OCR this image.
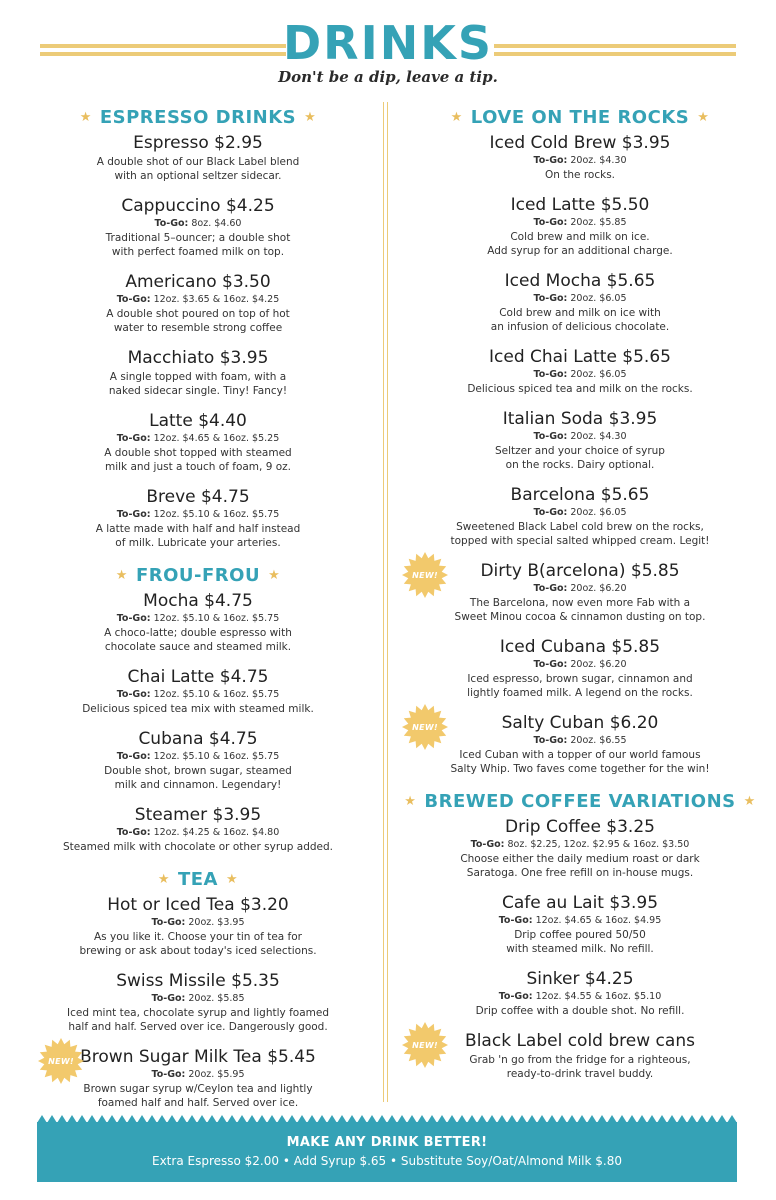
DRINKS
Don't be a dip, leave a tip.
★ ESPRESSO DRINKS ★
Espresso $2.95
A double shot of our Black Label blend
with an optional seltzer sidecar.
Cappuccino $4.25
To-Go: 8oz. $4.60
Traditional 5–ouncer; a double shot
with perfect foamed milk on top.
Americano $3.50
To-Go: 12oz. $3.65 & 16oz. $4.25
A double shot poured on top of hot
water to resemble strong coffee
Macchiato $3.95
A single topped with foam, with a
naked sidecar single. Tiny! Fancy!
Latte $4.40
To-Go: 12oz. $4.65 & 16oz. $5.25
A double shot topped with steamed
milk and just a touch of foam, 9 oz.
Breve $4.75
To-Go: 12oz. $5.10 & 16oz. $5.75
A latte made with half and half instead
of milk. Lubricate your arteries.
★ FROU-FROU ★
Mocha $4.75
To-Go: 12oz. $5.10 & 16oz. $5.75
A choco-latte; double espresso with
chocolate sauce and steamed milk.
Chai Latte $4.75
To-Go: 12oz. $5.10 & 16oz. $5.75
Delicious spiced tea mix with steamed milk.
Cubana $4.75
To-Go: 12oz. $5.10 & 16oz. $5.75
Double shot, brown sugar, steamed
milk and cinnamon. Legendary!
Steamer $3.95
To-Go: 12oz. $4.25 & 16oz. $4.80
Steamed milk with chocolate or other syrup added.
★ TEA ★
Hot or Iced Tea $3.20
To-Go: 20oz. $3.95
As you like it. Choose your tin of tea for
brewing or ask about today's iced selections.
Swiss Missile $5.35
To-Go: 20oz. $5.85
Iced mint tea, chocolate syrup and lightly foamed
half and half. Served over ice. Dangerously good.
Brown Sugar Milk Tea $5.45
To-Go: 20oz. $5.95
Brown sugar syrup w/Ceylon tea and lightly
foamed half and half. Served over ice.
NEW!
★ LOVE ON THE ROCKS ★
Iced Cold Brew $3.95
To-Go: 20oz. $4.30
On the rocks.
Iced Latte $5.50
To-Go: 20oz. $5.85
Cold brew and milk on ice.
Add syrup for an additional charge.
Iced Mocha $5.65
To-Go: 20oz. $6.05
Cold brew and milk on ice with
an infusion of delicious chocolate.
Iced Chai Latte $5.65
To-Go: 20oz. $6.05
Delicious spiced tea and milk on the rocks.
Italian Soda $3.95
To-Go: 20oz. $4.30
Seltzer and your choice of syrup
on the rocks. Dairy optional.
Barcelona $5.65
To-Go: 20oz. $6.05
Sweetened Black Label cold brew on the rocks,
topped with special salted whipped cream. Legit!
Dirty B(arcelona) $5.85
To-Go: 20oz. $6.20
The Barcelona, now even more Fab with a
Sweet Minou cocoa & cinnamon dusting on top.
NEW!
Iced Cubana $5.85
To-Go: 20oz. $6.20
Iced espresso, brown sugar, cinnamon and
lightly foamed milk. A legend on the rocks.
Salty Cuban $6.20
To-Go: 20oz. $6.55
Iced Cuban with a topper of our world famous
Salty Whip. Two faves come together for the win!
NEW!
★ BREWED COFFEE VARIATIONS ★
Drip Coffee $3.25
To-Go: 8oz. $2.25, 12oz. $2.95 & 16oz. $3.50
Choose either the daily medium roast or dark
Saratoga. One free refill on in-house mugs.
Cafe au Lait $3.95
To-Go: 12oz. $4.65 & 16oz. $4.95
Drip coffee poured 50/50
with steamed milk. No refill.
Sinker $4.25
To-Go: 12oz. $4.55 & 16oz. $5.10
Drip coffee with a double shot. No refill.
Black Label cold brew cans
Grab 'n go from the fridge for a righteous,
ready-to-drink travel buddy.
NEW!
MAKE ANY DRINK BETTER!
Extra Espresso $2.00 • Add Syrup $.65 • Substitute Soy/Oat/Almond Milk $.80
